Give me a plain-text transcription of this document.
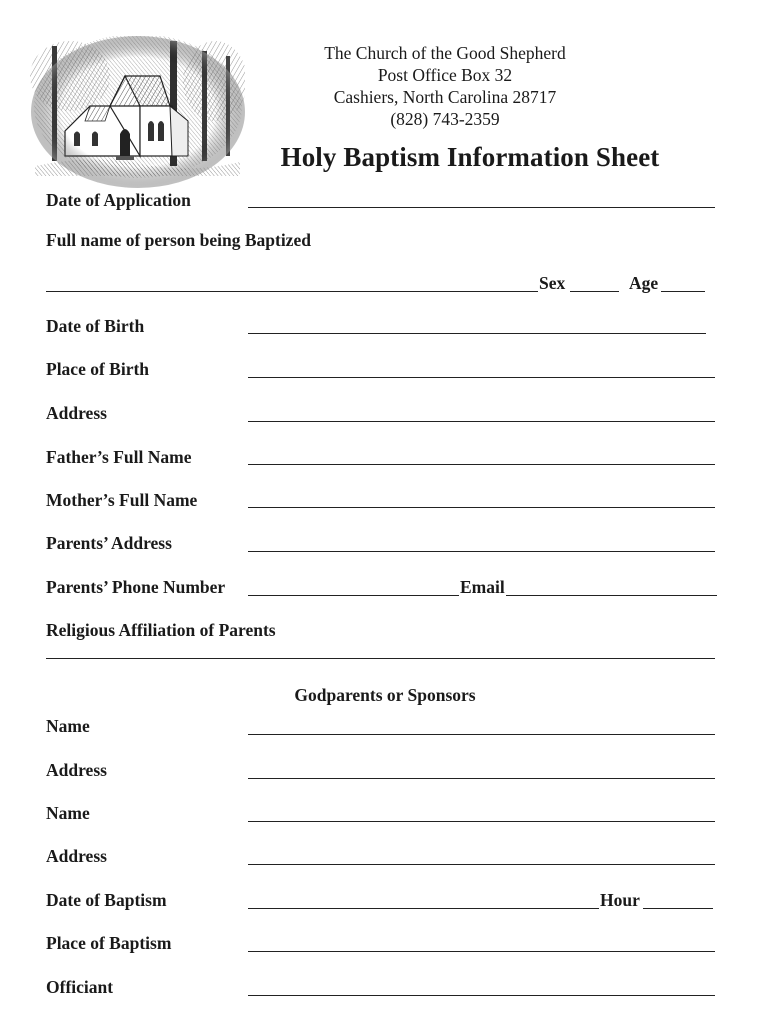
The Church of the Good Shepherd
Post Office Box 32
Cashiers, North Carolina 28717
(828) 743-2359
Holy Baptism Information Sheet
Date of Application
Full name of person being Baptized
Sex	Age
Date of Birth
Place of Birth
Address
Father’s Full Name
Mother’s Full Name
Parents’ Address
Parents’ Phone Number	Email
Religious Affiliation of Parents
Godparents or Sponsors
Name
Address
Name
Address
Date of Baptism	Hour
Place of Baptism
Officiant
